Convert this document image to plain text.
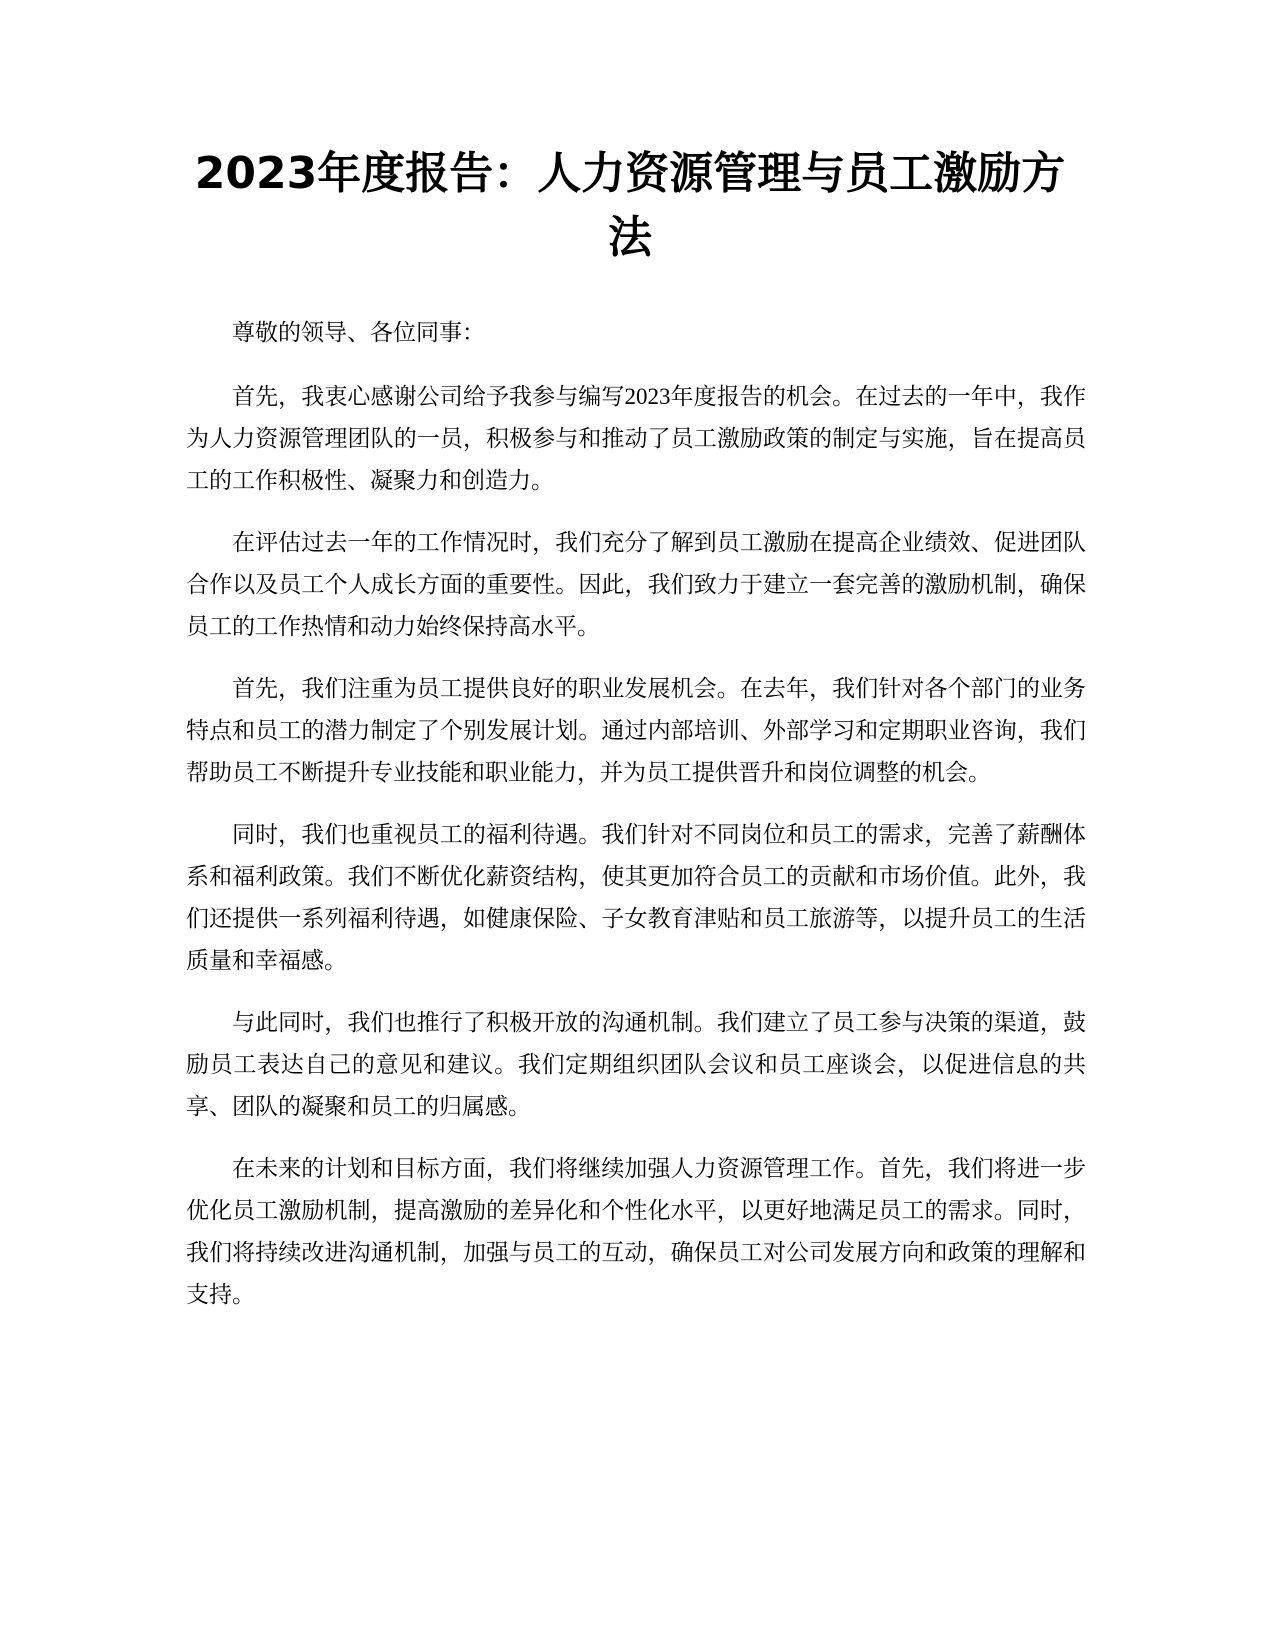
2023年度报告：人力资源管理与员工激励方法

尊敬的领导、各位同事：

首先，我衷心感谢公司给予我参与编写2023年度报告的机会。在过去的一年中，我作为人力资源管理团队的一员，积极参与和推动了员工激励政策的制定与实施，旨在提高员工的工作积极性、凝聚力和创造力。

在评估过去一年的工作情况时，我们充分了解到员工激励在提高企业绩效、促进团队合作以及员工个人成长方面的重要性。因此，我们致力于建立一套完善的激励机制，确保员工的工作热情和动力始终保持高水平。

首先，我们注重为员工提供良好的职业发展机会。在去年，我们针对各个部门的业务特点和员工的潜力制定了个别发展计划。通过内部培训、外部学习和定期职业咨询，我们帮助员工不断提升专业技能和职业能力，并为员工提供晋升和岗位调整的机会。

同时，我们也重视员工的福利待遇。我们针对不同岗位和员工的需求，完善了薪酬体系和福利政策。我们不断优化薪资结构，使其更加符合员工的贡献和市场价值。此外，我们还提供一系列福利待遇，如健康保险、子女教育津贴和员工旅游等，以提升员工的生活质量和幸福感。

与此同时，我们也推行了积极开放的沟通机制。我们建立了员工参与决策的渠道，鼓励员工表达自己的意见和建议。我们定期组织团队会议和员工座谈会，以促进信息的共享、团队的凝聚和员工的归属感。

在未来的计划和目标方面，我们将继续加强人力资源管理工作。首先，我们将进一步优化员工激励机制，提高激励的差异化和个性化水平，以更好地满足员工的需求。同时，我们将持续改进沟通机制，加强与员工的互动，确保员工对公司发展方向和政策的理解和支持。
